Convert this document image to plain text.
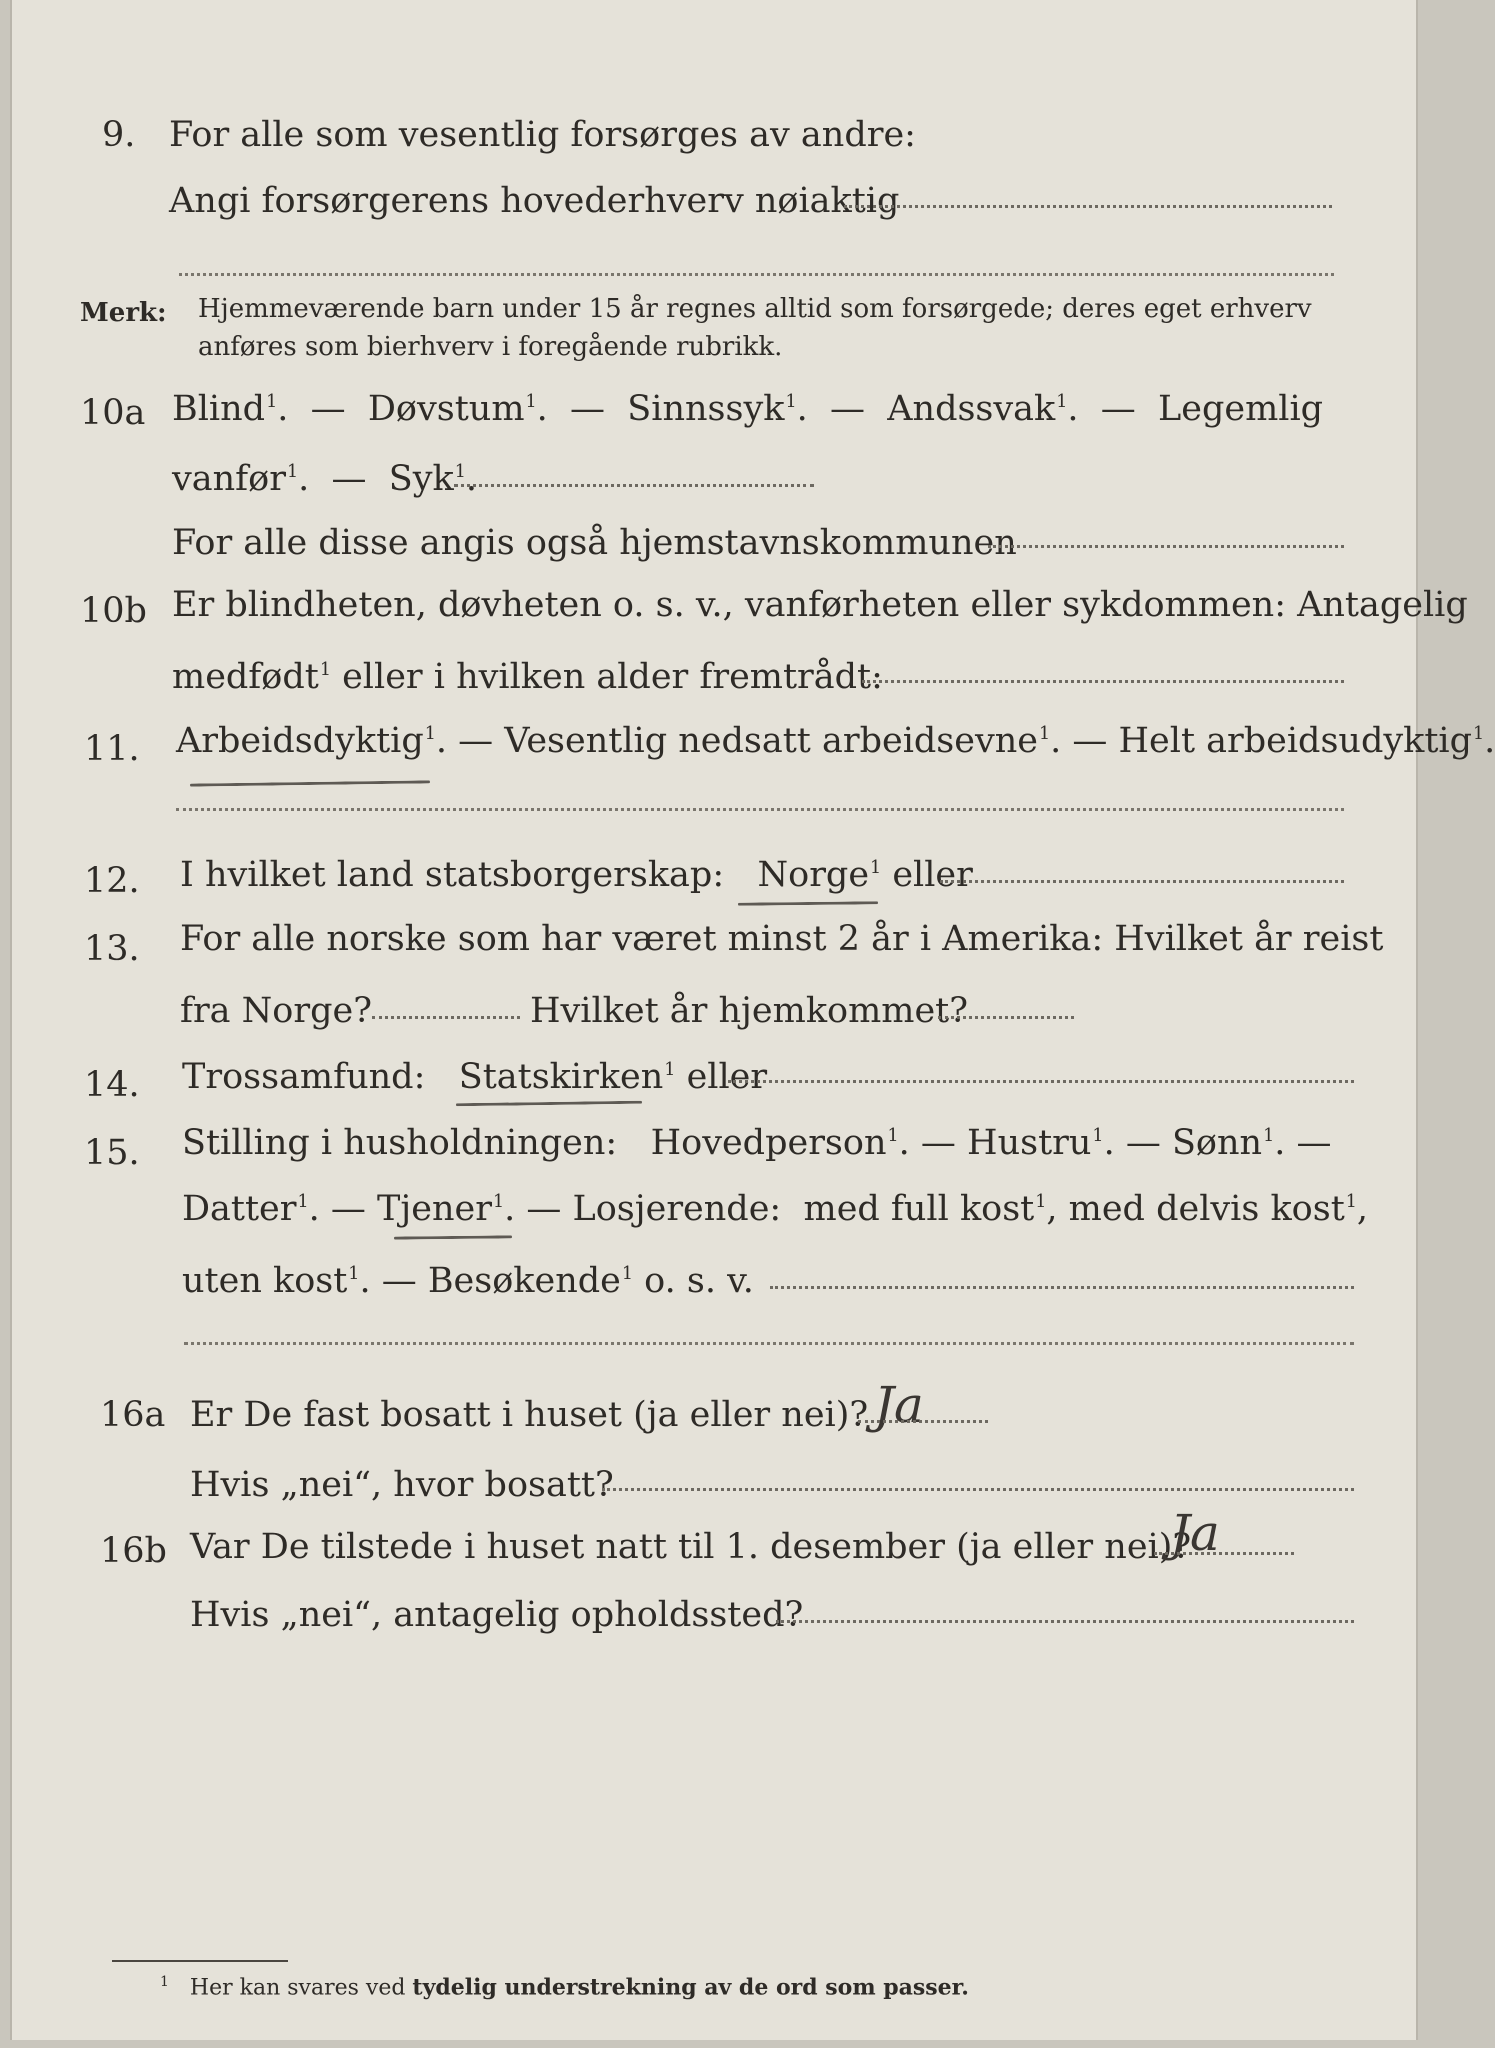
9. For alle som vesentlig forsørges av andre:
Angi forsørgerens hovederhverv nøiaktig
Merk: Hjemmeværende barn under 15 år regnes alltid som forsørgede; deres eget erhverv
anføres som bierhverv i foregående rubrikk.
10a Blind$^1$.  —  Døvstum$^1$.  —  Sinnssyk$^1$.  —  Andssvak$^1$.  —  Legemlig
vanfør$^1$.  —  Syk$^1$.
For alle disse angis også hjemstavnskommunen
10b Er blindheten, døvheten o. s. v., vanførheten eller sykdommen: Antagelig
medfødt$^1$ eller i hvilken alder fremtrådt:
11. Arbeidsdyktig$^1$. — Vesentlig nedsatt arbeidsevne$^1$. — Helt arbeidsudyktig$^1$.
12. I hvilket land statsborgerskap: Norge$^1$ eller
13. For alle norske som har været minst 2 år i Amerika: Hvilket år reist
fra Norge?	Hvilket år hjemkommet?
14. Trossamfund: Statskirken$^1$ eller
15. Stilling i husholdningen: Hovedperson$^1$. — Hustru$^1$. — Sønn$^1$. —
Datter$^1$. — Tjener$^1$. — Losjerende: med full kost$^1$, med delvis kost$^1$,
uten kost$^1$. — Besøkende$^1$ o. s. v.
16a Er De fast bosatt i huset (ja eller nei)? Ja
Hvis „nei“, hvor bosatt?
16b Var De tilstede i huset natt til 1. desember (ja eller nei)?
Ja
Hvis „nei“, antagelig opholdssted?
$^1$ Her kan svares ved tydelig understrekning av de ord som passer.
